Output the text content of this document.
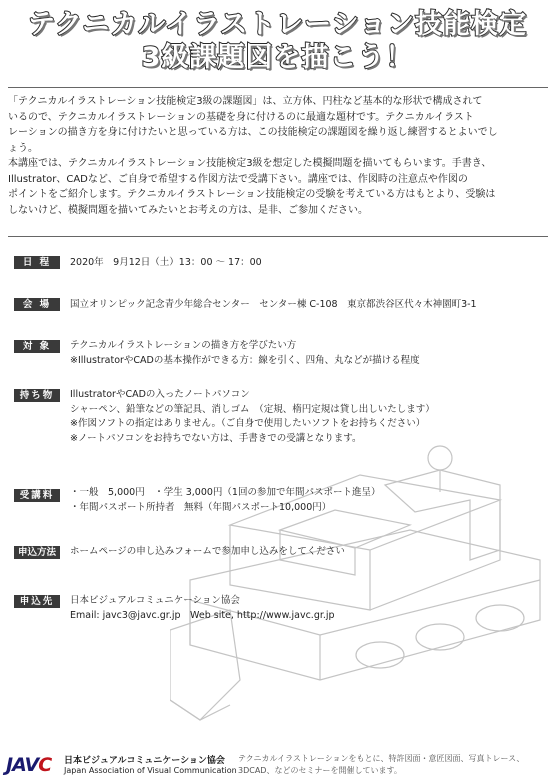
テクニカルイラストレーション技能検定
3級課題図を描こう！

「テクニカルイラストレーション技能検定3級の課題図」は、立方体、円柱など基本的な形状で構成されて
いるので、テクニカルイラストレーションの基礎を身に付けるのに最適な題材です。テクニカルイラスト
レーションの描き方を身に付けたいと思っている方は、この技能検定の課題図を繰り返し練習するとよいでし
ょう。
本講座では、テクニカルイラストレーション技能検定3級を想定した模擬問題を描いてもらいます。手書き、
Illustrator、CADなど、ご自身で希望する作図方法で受講下さい。講座では、作図時の注意点や作図の
ポイントをご紹介します。テクニカルイラストレーション技能検定の受験を考えている方はもとより、受験は
しないけど、模擬問題を描いてみたいとお考えの方は、是非、ご参加ください。

日 程	2020年　9月12日（土）13：00 ～ 17：00
会 場	国立オリンピック記念青少年総合センター　センター棟 C-108　東京都渋谷区代々木神園町3-1
対 象	テクニカルイラストレーションの描き方を学びたい方
※IllustratorやCADの基本操作ができる方：線を引く、四角、丸などが描ける程度
持ち物	IllustratorやCADの入ったノートパソコン
シャーペン、鉛筆などの筆記具、消しゴム　（定規、楕円定規は貸し出しいたします）
※作図ソフトの指定はありません。（ご自身で使用したいソフトをお持ちください）
※ノートパソコンをお持ちでない方は、手書きでの受講となります。
受講料	・一般　5,000円　・学生 3,000円（1回の参加で年間パスポート進呈）
・年間パスポート所持者　無料（年間パスポート10,000円）
申込方法	ホームページの申し込みフォームで参加申し込みをしてください
申込先	日本ビジュアルコミュニケーション協会
Email: javc3@javc.gr.jp　Web site, http://www.javc.gr.jp
JAVC 日本ビジュアルコミュニケーション協会
Japan Association of Visual Communication
テクニカルイラストレーションをもとに、特許図面・意匠図面、写真トレース、3DCAD、などのセミナーを開催しています。
